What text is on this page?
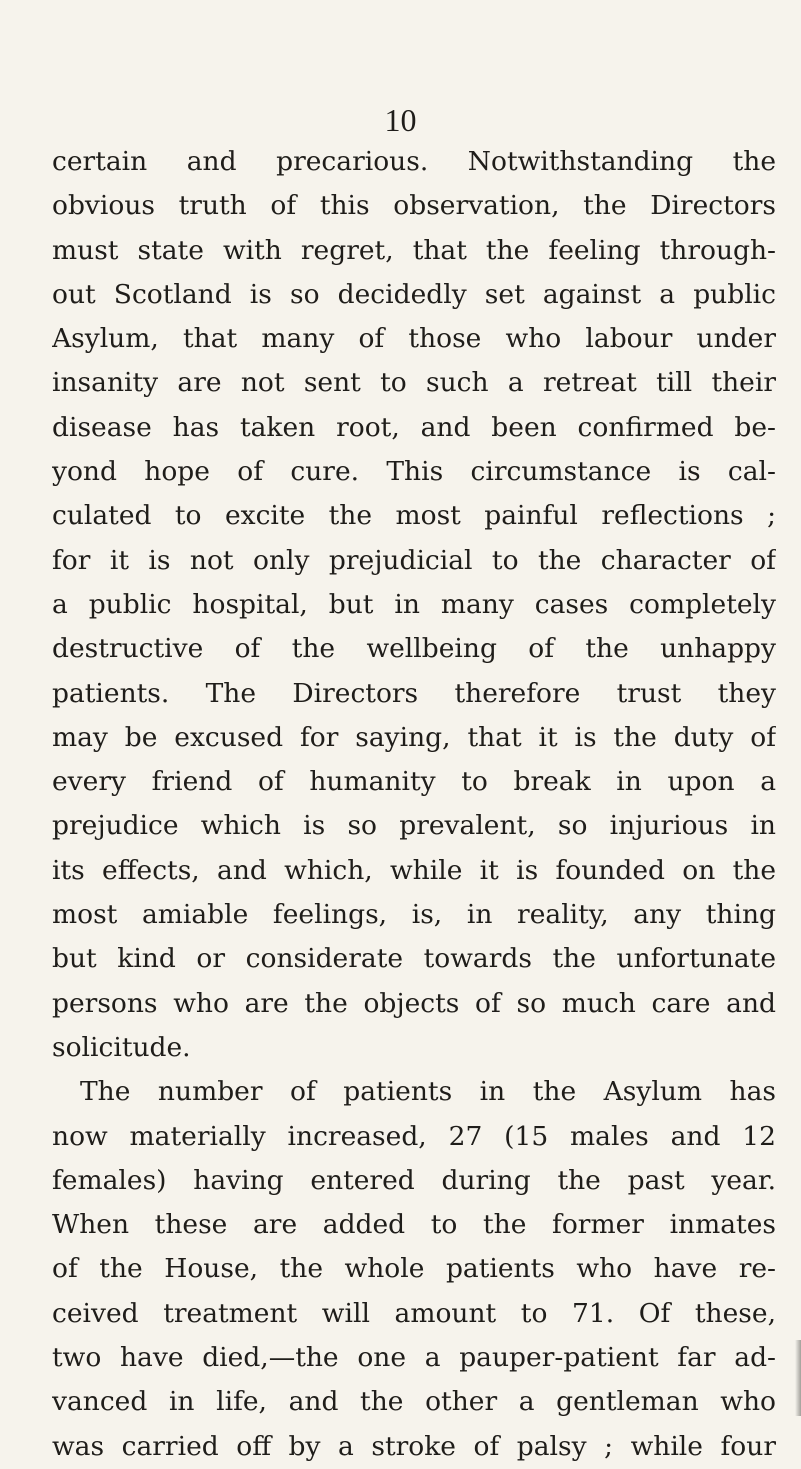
10
certain and precarious. Notwithstanding the
obvious truth of this observation, the Directors
must state with regret, that the feeling through-
out Scotland is so decidedly set against a public
Asylum, that many of those who labour under
insanity are not sent to such a retreat till their
disease has taken root, and been confirmed be-
yond hope of cure. This circumstance is cal-
culated to excite the most painful reflections ;
for it is not only prejudicial to the character of
a public hospital, but in many cases completely
destructive of the wellbeing of the unhappy
patients. The Directors therefore trust they
may be excused for saying, that it is the duty of
every friend of humanity to break in upon a
prejudice which is so prevalent, so injurious in
its effects, and which, while it is founded on the
most amiable feelings, is, in reality, any thing
but kind or considerate towards the unfortunate
persons who are the objects of so much care and
solicitude.
The number of patients in the Asylum has
now materially increased, 27 (15 males and 12
females) having entered during the past year.
When these are added to the former inmates
of the House, the whole patients who have re-
ceived treatment will amount to 71. Of these,
two have died,—the one a pauper-patient far ad-
vanced in life, and the other a gentleman who
was carried off by a stroke of palsy ; while four
